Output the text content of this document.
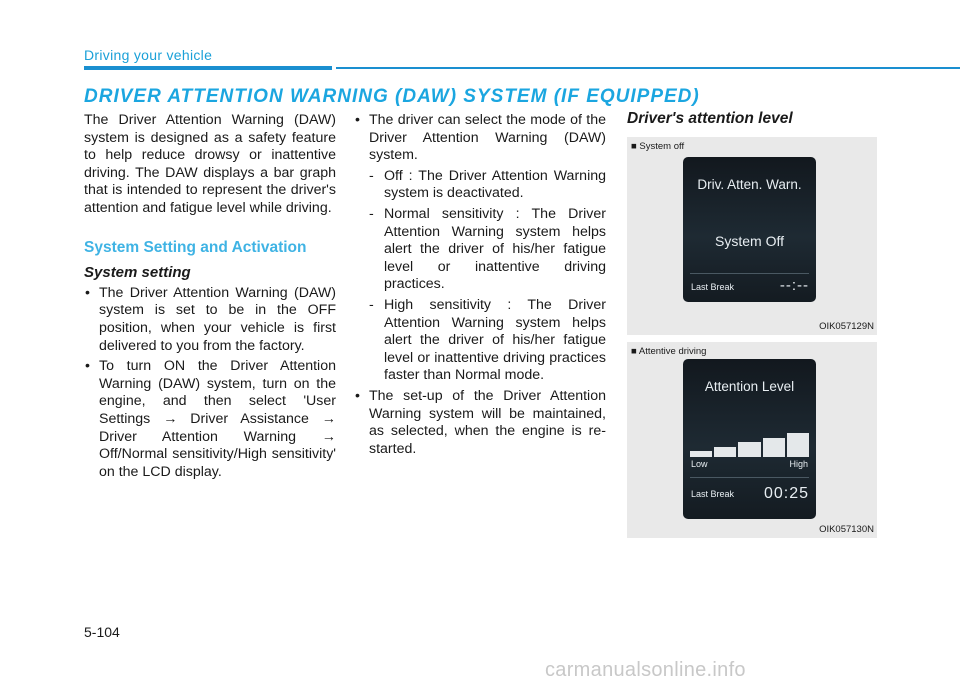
Driving your vehicle
DRIVER ATTENTION WARNING (DAW) SYSTEM (IF EQUIPPED)
The Driver Attention Warning (DAW) system is designed as a safety feature to help reduce drowsy or inattentive driving. The DAW displays a bar graph that is intended to represent the driver's attention and fatigue level while driving.
System Setting and Activation
System setting
• The Driver Attention Warning (DAW) system is set to be in the OFF position, when your vehicle is first delivered to you from the factory.
• To turn ON the Driver Attention Warning (DAW) system, turn on the engine, and then select 'User Settings → Driver Assistance → Driver Attention Warning → Off/Normal sensitivity/High sensitivity' on the LCD display.
• The driver can select the mode of the Driver Attention Warning (DAW) system.
- Off : The Driver Attention Warning system is deactivated.
- Normal sensitivity : The Driver Attention Warning system helps alert the driver of his/her fatigue level or inattentive driving practices.
- High sensitivity : The Driver Attention Warning system helps alert the driver of his/her fatigue level or inattentive driving practices faster than Normal mode.
• The set-up of the Driver Attention Warning system will be maintained, as selected, when the engine is re-started.
Driver's attention level
■ System off
Driv. Atten. Warn.
System Off
Last Break	--:--
OIK057129N
■ Attentive driving
Attention Level
Low	High
Last Break 00:25
OIK057130N
5-104
carmanualsonline.info
